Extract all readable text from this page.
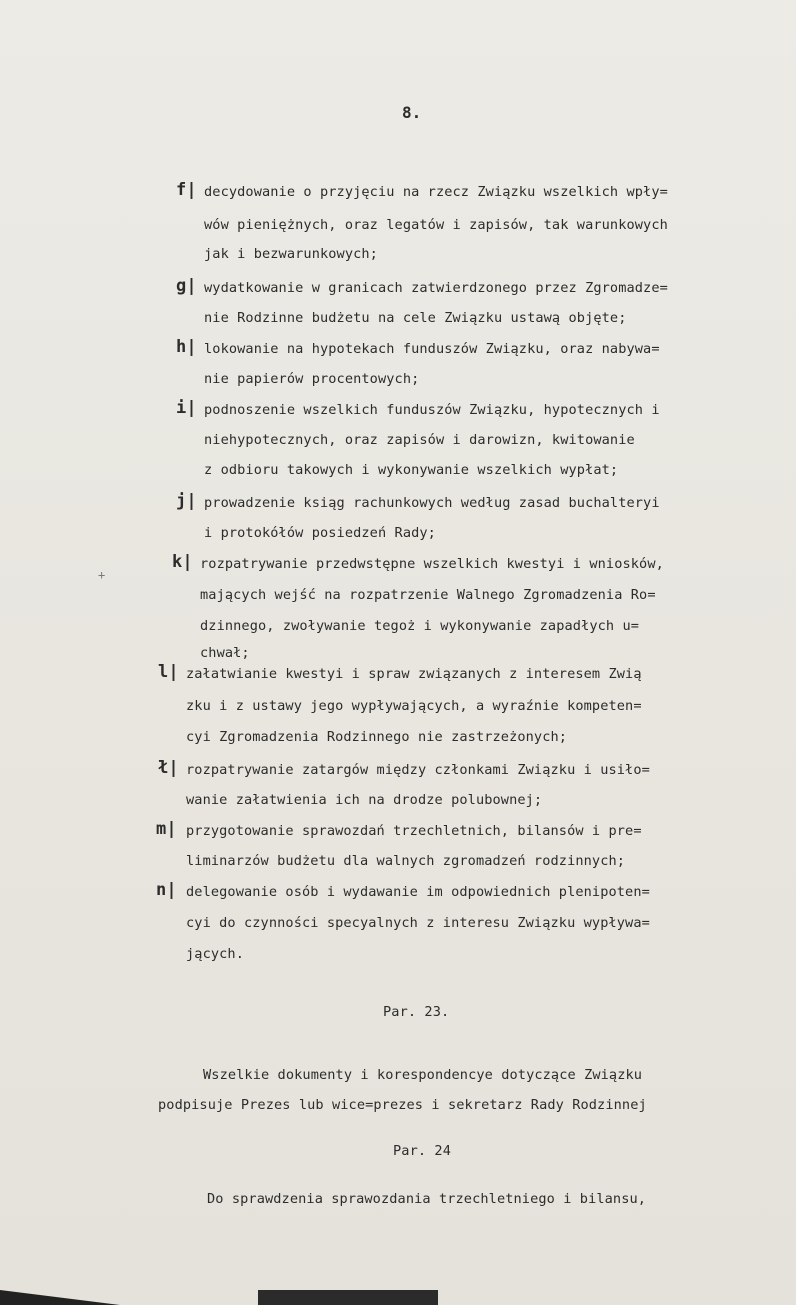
8.
+
f| decydowanie o przyjęciu na rzecz Związku wszelkich wpły=
wów pieniężnych, oraz legatów i zapisów, tak warunkowych
jak i bezwarunkowych;
g| wydatkowanie w granicach zatwierdzonego przez Zgromadze=
nie Rodzinne budżetu na cele Związku ustawą objęte;
h| lokowanie na hypotekach funduszów Związku, oraz nabywa=
nie papierów procentowych;
i| podnoszenie wszelkich funduszów Związku, hypotecznych i
niehypotecznych, oraz zapisów i darowizn, kwitowanie
z odbioru takowych i wykonywanie wszelkich wypłat;
j| prowadzenie ksiąg rachunkowych według zasad buchalteryi
i protokółów posiedzeń Rady;
k| rozpatrywanie przedwstępne wszelkich kwestyi i wniosków,
mających wejść na rozpatrzenie Walnego Zgromadzenia Ro=
dzinnego, zwoływanie tegoż i wykonywanie zapadłych u=
chwał;
l| załatwianie kwestyi i spraw związanych z interesem Zwią
zku i z ustawy jego wypływających, a wyraźnie kompeten=
cyi Zgromadzenia Rodzinnego nie zastrzeżonych;
ł| rozpatrywanie zatargów między członkami Związku i usiło=
wanie załatwienia ich na drodze polubownej;
m| przygotowanie sprawozdań trzechletnich, bilansów i pre=
liminarzów budżetu dla walnych zgromadzeń rodzinnych;
n| delegowanie osób i wydawanie im odpowiednich plenipoten=
cyi do czynności specyalnych z interesu Związku wypływa=
jących.
Par. 23.
Wszelkie dokumenty i korespondencye dotyczące Związku
podpisuje Prezes lub wice=prezes i sekretarz Rady Rodzinnej
Par. 24
Do sprawdzenia sprawozdania trzechletniego i bilansu,
